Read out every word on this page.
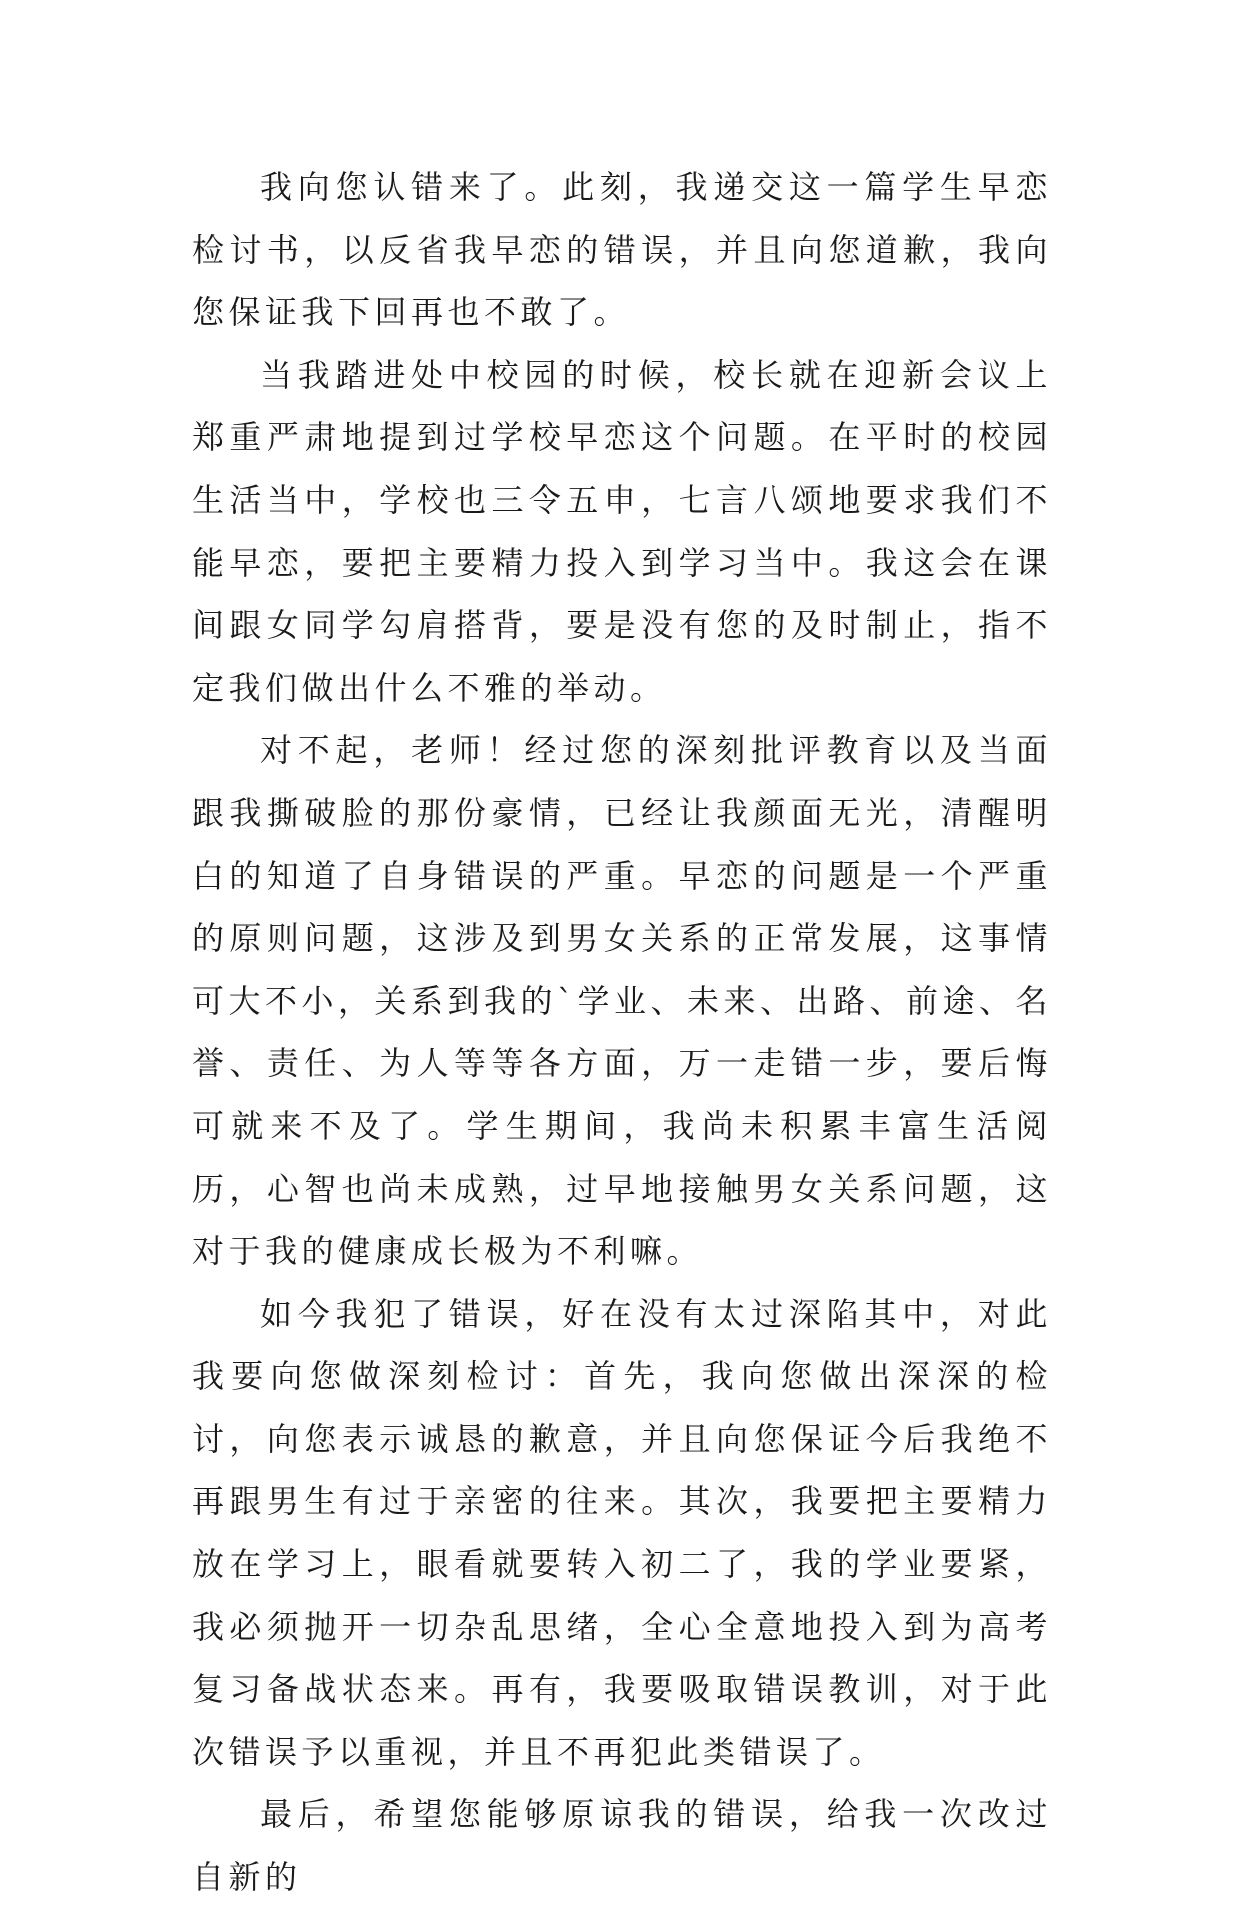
我向您认错来了。此刻，我递交这一篇学生早恋检讨书，以反省我早恋的错误，并且向您道歉，我向您保证我下回再也不敢了。

当我踏进处中校园的时候，校长就在迎新会议上郑重严肃地提到过学校早恋这个问题。在平时的校园生活当中，学校也三令五申，七言八颂地要求我们不能早恋，要把主要精力投入到学习当中。我这会在课间跟女同学勾肩搭背，要是没有您的及时制止，指不定我们做出什么不雅的举动。

对不起，老师！经过您的深刻批评教育以及当面跟我撕破脸的那份豪情，已经让我颜面无光，清醒明白的知道了自身错误的严重。早恋的问题是一个严重的原则问题，这涉及到男女关系的正常发展，这事情可大不小，关系到我的`学业、未来、出路、前途、名誉、责任、为人等等各方面，万一走错一步，要后悔可就来不及了。学生期间，我尚未积累丰富生活阅历，心智也尚未成熟，过早地接触男女关系问题，这对于我的健康成长极为不利嘛。

如今我犯了错误，好在没有太过深陷其中，对此我要向您做深刻检讨：首先，我向您做出深深的检讨，向您表示诚恳的歉意，并且向您保证今后我绝不再跟男生有过于亲密的往来。其次，我要把主要精力放在学习上，眼看就要转入初二了，我的学业要紧，我必须抛开一切杂乱思绪，全心全意地投入到为高考复习备战状态来。再有，我要吸取错误教训，对于此次错误予以重视，并且不再犯此类错误了。

最后，希望您能够原谅我的错误，给我一次改过自新的
